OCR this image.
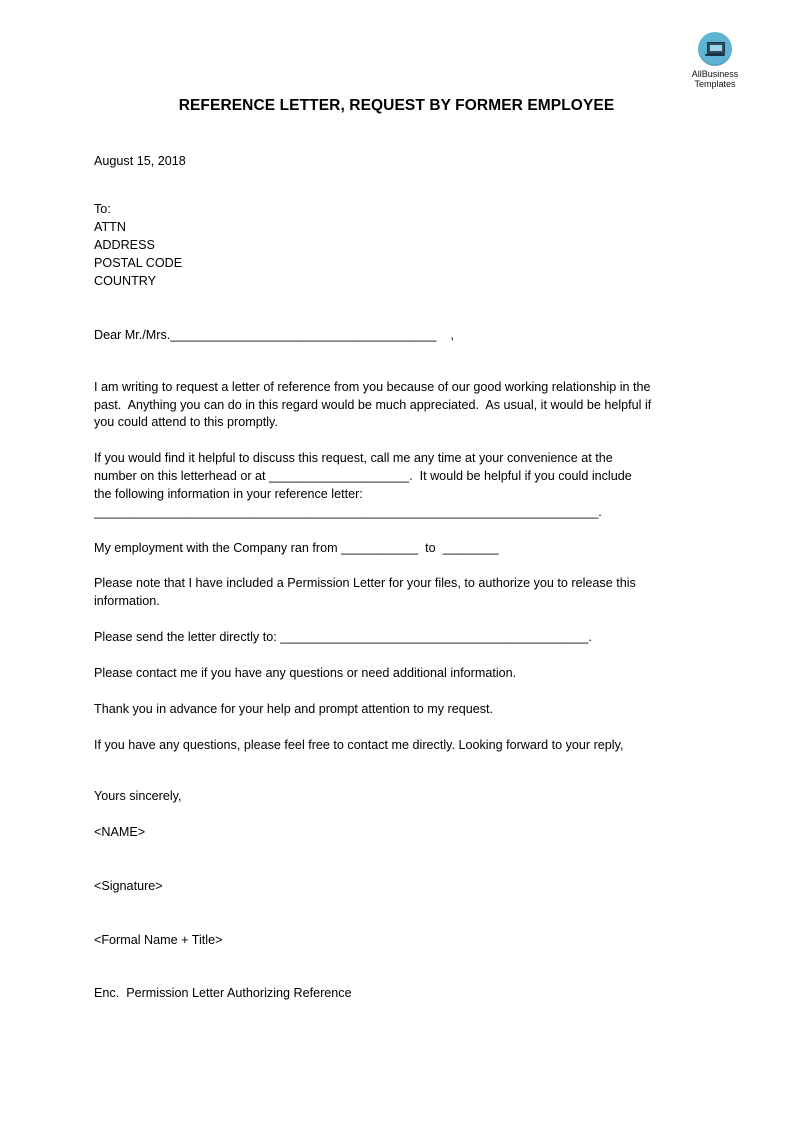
AllBusiness
Templates
REFERENCE LETTER, REQUEST BY FORMER EMPLOYEE
August 15, 2018
To:
ATTN
ADDRESS
POSTAL CODE
COUNTRY
Dear Mr./Mrs.______________________________________    ,
I am writing to request a letter of reference from you because of our good working relationship in the
past.  Anything you can do in this regard would be much appreciated.  As usual, it would be helpful if
you could attend to this promptly.
If you would find it helpful to discuss this request, call me any time at your convenience at the
number on this letterhead or at ____________________.  It would be helpful if you could include
the following information in your reference letter:
________________________________________________________________________.
My employment with the Company ran from ___________  to  ________
Please note that I have included a Permission Letter for your files, to authorize you to release this
information.
Please send the letter directly to: ____________________________________________.
Please contact me if you have any questions or need additional information.
Thank you in advance for your help and prompt attention to my request.
If you have any questions, please feel free to contact me directly. Looking forward to your reply,
Yours sincerely,
<NAME>
<Signature>
<Formal Name + Title>
Enc.  Permission Letter Authorizing Reference
